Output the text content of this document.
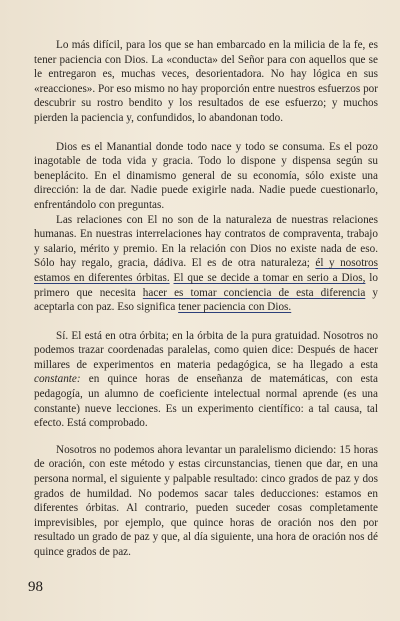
Lo más difícil, para los que se han embarcado en la milicia de la fe, es tener paciencia con Dios. La «conducta» del Señor para con aquellos que se le entregaron es, muchas veces, desorientadora. No hay lógica en sus «reacciones». Por eso mismo no hay proporción entre nuestros esfuerzos por descubrir su rostro bendito y los resultados de ese esfuerzo; y muchos pierden la paciencia y, confundidos, lo abandonan todo.

Dios es el Manantial donde todo nace y todo se consuma. Es el pozo inagotable de toda vida y gracia. Todo lo dispone y dispensa según su beneplácito. En el dinamismo general de su economía, sólo existe una dirección: la de dar. Nadie puede exigirle nada. Nadie puede cuestionarlo, enfrentándolo con preguntas.

Las relaciones con El no son de la naturaleza de nuestras relaciones humanas. En nuestras interrelaciones hay contratos de compraventa, trabajo y salario, mérito y premio. En la relación con Dios no existe nada de eso. Sólo hay regalo, gracia, dádiva. El es de otra naturaleza; él y nosotros estamos en diferentes órbitas. El que se decide a tomar en serio a Dios, lo primero que necesita hacer es tomar conciencia de esta diferencia y aceptarla con paz. Eso significa tener paciencia con Dios.

Sí. El está en otra órbita; en la órbita de la pura gratuidad. Nosotros no podemos trazar coordenadas paralelas, como quien dice: Después de hacer millares de experimentos en materia pedagógica, se ha llegado a esta constante: en quince horas de enseñanza de matemáticas, con esta pedagogía, un alumno de coeficiente intelectual normal aprende (es una constante) nueve lecciones. Es un experimento científico: a tal causa, tal efecto. Está comprobado.

Nosotros no podemos ahora levantar un paralelismo diciendo: 15 horas de oración, con este método y estas circunstancias, tienen que dar, en una persona normal, el siguiente y palpable resultado: cinco grados de paz y dos grados de humildad. No podemos sacar tales deducciones: estamos en diferentes órbitas. Al contrario, pueden suceder cosas completamente imprevisibles, por ejemplo, que quince horas de oración nos den por resultado un grado de paz y que, al día siguiente, una hora de oración nos dé quince grados de paz.

98
